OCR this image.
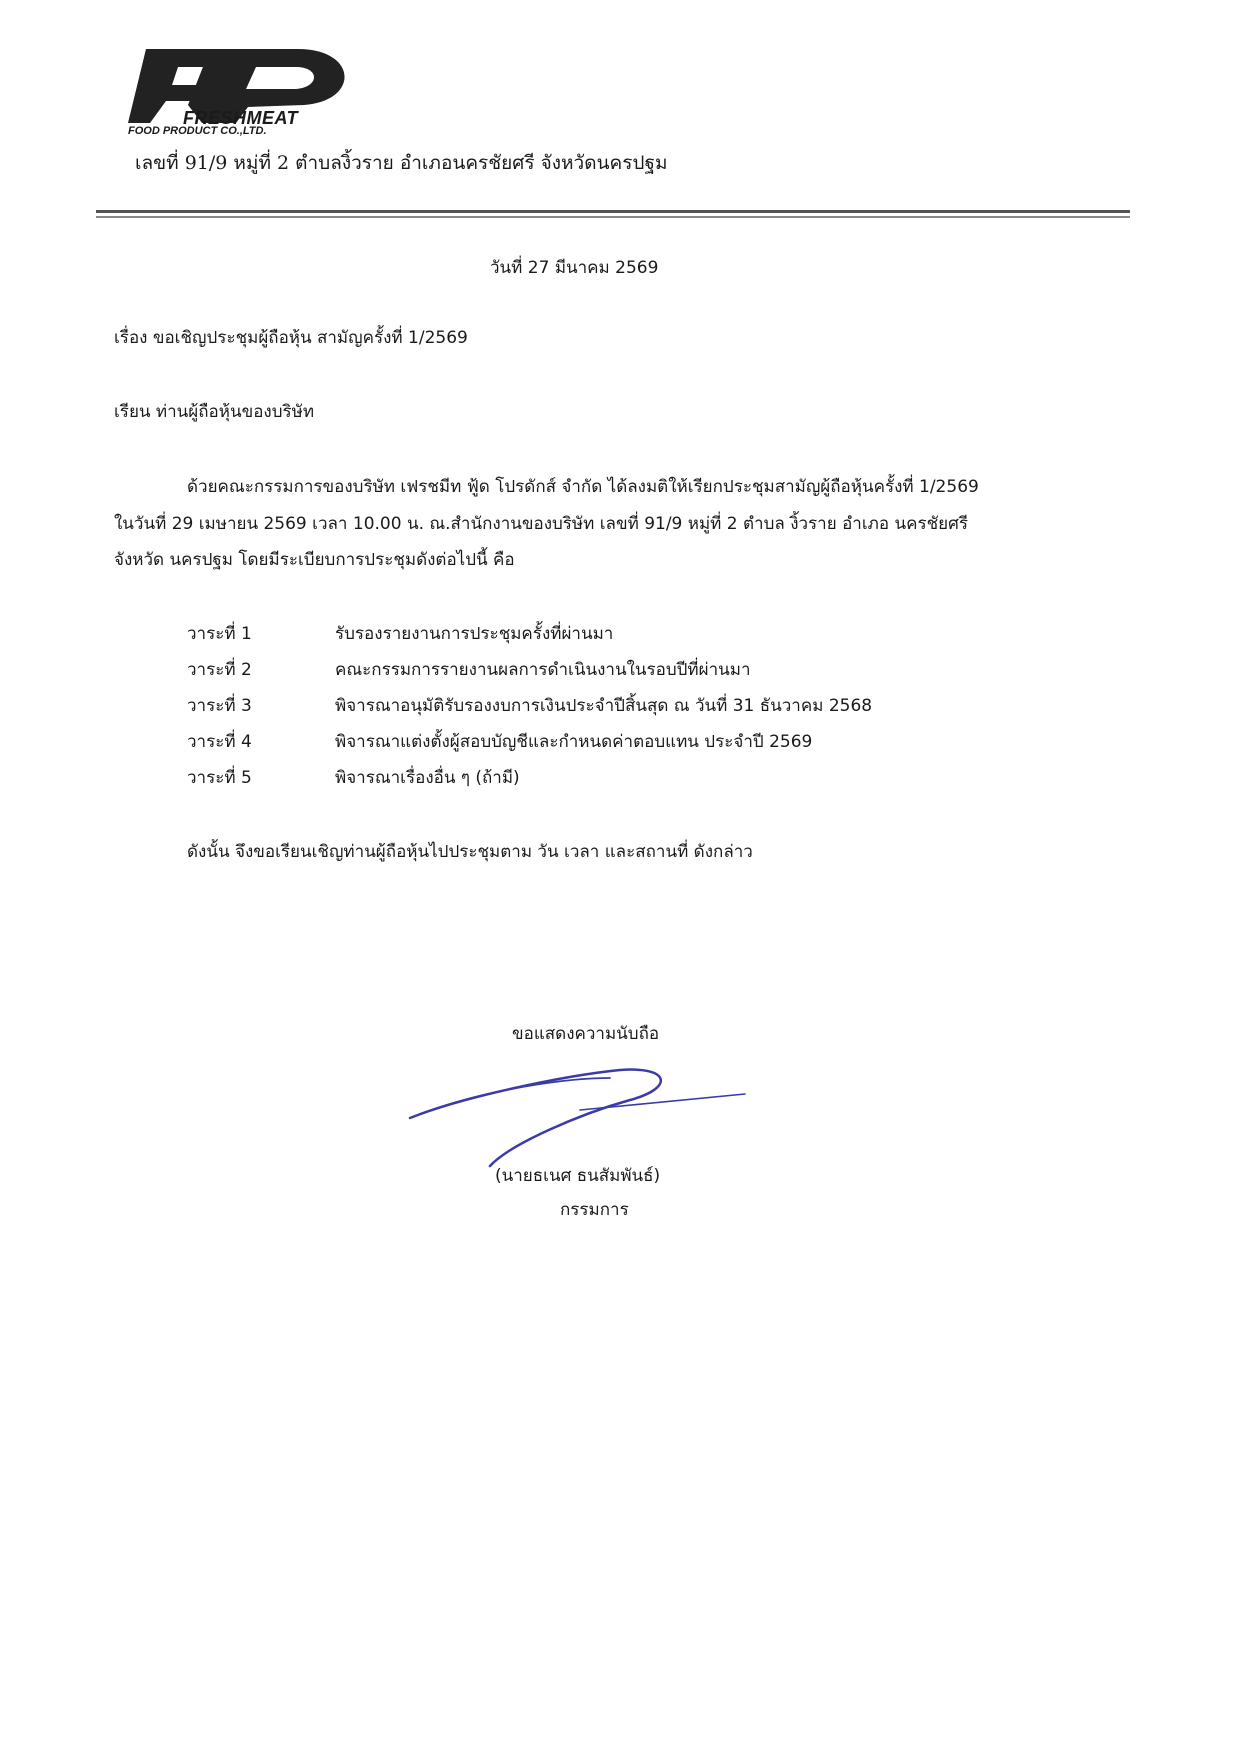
FRESHMEAT
FOOD PRODUCT CO.,LTD.
เลขที่ 91/9 หมู่ที่ 2 ตำบลงิ้วราย อำเภอนครชัยศรี จังหวัดนครปฐม
วันที่ 27 มีนาคม 2569
เรื่อง ขอเชิญประชุมผู้ถือหุ้น สามัญครั้งที่ 1/2569
เรียน ท่านผู้ถือหุ้นของบริษัท
ด้วยคณะกรรมการของบริษัท เฟรชมีท ฟู้ด โปรดักส์ จำกัด ได้ลงมติให้เรียกประชุมสามัญผู้ถือหุ้นครั้งที่ 1/2569
ในวันที่ 29 เมษายน 2569 เวลา 10.00 น. ณ.สำนักงานของบริษัท เลขที่ 91/9 หมู่ที่ 2 ตำบล งิ้วราย อำเภอ นครชัยศรี
จังหวัด นครปฐม โดยมีระเบียบการประชุมดังต่อไปนี้ คือ
วาระที่ 1	รับรองรายงานการประชุมครั้งที่ผ่านมา
วาระที่ 2	คณะกรรมการรายงานผลการดำเนินงานในรอบปีที่ผ่านมา
วาระที่ 3	พิจารณาอนุมัติรับรองงบการเงินประจำปีสิ้นสุด ณ วันที่ 31 ธันวาคม 2568
วาระที่ 4	พิจารณาแต่งตั้งผู้สอบบัญชีและกำหนดค่าตอบแทน ประจำปี 2569
วาระที่ 5	พิจารณาเรื่องอื่น ๆ (ถ้ามี)
ดังนั้น จึงขอเรียนเชิญท่านผู้ถือหุ้นไปประชุมตาม วัน เวลา และสถานที่ ดังกล่าว
ขอแสดงความนับถือ
(นายธเนศ ธนสัมพันธ์)
กรรมการ
